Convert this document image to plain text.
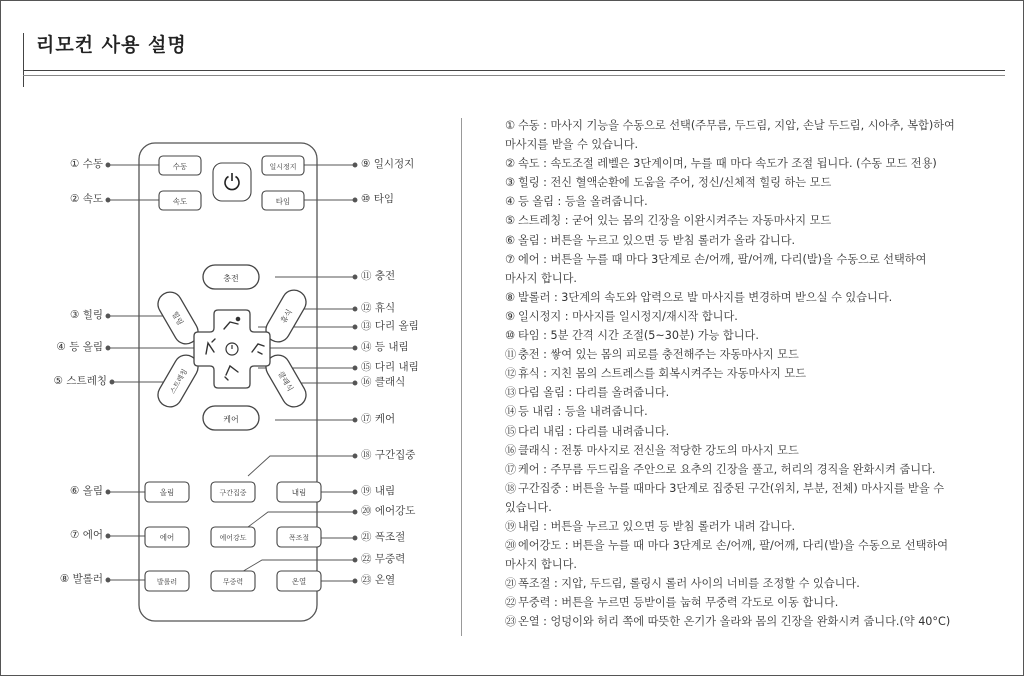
리모컨 사용 설명
수동	일시정지
속도	타임
충전
케어
힐링	휴식
스트레칭	클래식
올림	구간집중	내림
에어	에어강도	폭조절
발롤러	무중력	온열
① 수동
② 속도
③ 힐링
④ 등 올림
⑤ 스트레칭
⑥ 올림
⑦ 에어
⑧ 발롤러
⑨ 일시정지
⑩ 타임
⑪ 충전
⑫ 휴식
⑬ 다리 올림
⑭ 등 내림
⑮ 다리 내림
⑯ 클래식
⑰ 케어
⑱ 구간집중
⑲ 내림
⑳ 에어강도
㉑ 폭조절
㉒ 무중력
㉓ 온열
① 수동 : 마사지 기능을 수동으로 선택(주무름, 두드림, 지압, 손날 두드림, 시아추, 복합)하여
마사지를 받을 수 있습니다.
② 속도 : 속도조절 레벨은 3단계이며, 누를 때 마다 속도가 조절 됩니다. (수동 모드 전용)
③ 힐링 : 전신 혈액순환에 도움을 주어, 정신/신체적 힐링 하는 모드
④ 등 올림 : 등을 올려줍니다.
⑤ 스트레칭 : 굳어 있는 몸의 긴장을 이완시켜주는 자동마사지 모드
⑥ 올림 : 버튼을 누르고 있으면 등 받침 롤러가 올라 갑니다.
⑦ 에어 : 버튼을 누를 때 마다 3단계로 손/어깨, 팔/어깨, 다리(발)을 수동으로 선택하여
마사지 합니다.
⑧ 발롤러 : 3단계의 속도와 압력으로 발 마사지를 변경하며 받으실 수 있습니다.
⑨ 일시정지 : 마사지를 일시정지/재시작 합니다.
⑩ 타임 : 5분 간격 시간 조절(5~30분) 가능 합니다.
⑪ 충전 : 쌓여 있는 몸의 피로를 충전해주는 자동마사지 모드
⑫ 휴식 : 지친 몸의 스트레스를 회복시켜주는 자동마사지 모드
⑬ 다림 올림 : 다리를 올려줍니다.
⑭ 등 내림 : 등을 내려줍니다.
⑮ 다리 내림 : 다리를 내려줍니다.
⑯ 클래식 : 전통 마사지로 전신을 적당한 강도의 마사지 모드
⑰ 케어 : 주무름 두드림을 주안으로 요추의 긴장을 풀고, 허리의 경직을 완화시켜 줍니다.
⑱ 구간집중 : 버튼을 누를 때마다 3단계로 집중된 구간(위치, 부분, 전체) 마사지를 받을 수
있습니다.
⑲ 내림 : 버튼을 누르고 있으면 등 받침 롤러가 내려 갑니다.
⑳ 에어강도 : 버튼을 누를 때 마다 3단계로 손/어깨, 팔/어깨, 다리(발)을 수동으로 선택하여
마사지 합니다.
㉑ 폭조절 : 지압, 두드림, 롤링시 롤러 사이의 너비를 조정할 수 있습니다.
㉒ 무중력 : 버튼을 누르면 등받이를 눕혀 무중력 각도로 이동 합니다.
㉓ 온열 : 엉덩이와 허리 쪽에 따뜻한 온기가 올라와 몸의 긴장을 완화시켜 줍니다.(약 40°C)
